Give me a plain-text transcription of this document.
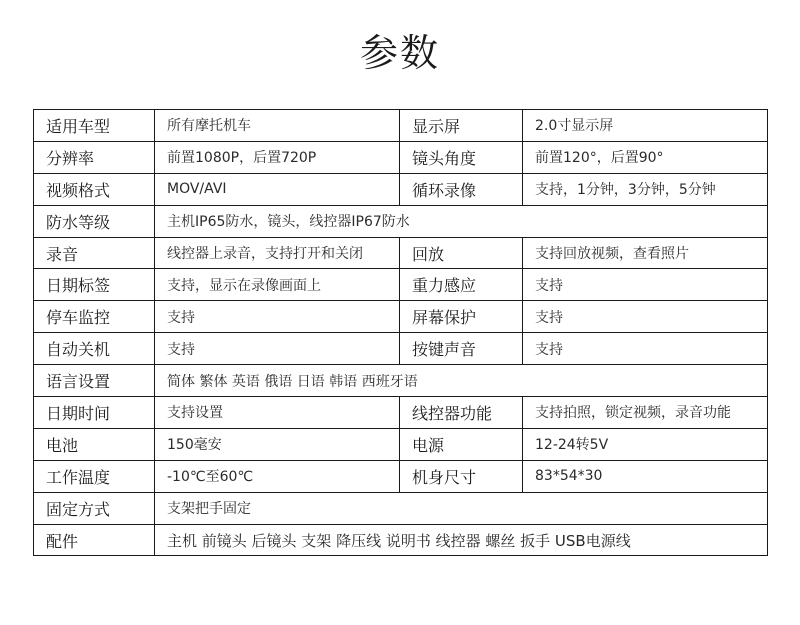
参数
适用车型	所有摩托机车	显示屏	2.0寸显示屏
分辨率	前置1080P，后置720P	镜头角度	前置120°，后置90°
视频格式	MOV/AVI	循环录像	支持，1分钟，3分钟，5分钟
防水等级	主机IP65防水，镜头，线控器IP67防水		
录音	线控器上录音，支持打开和关闭	回放	支持回放视频，查看照片
日期标签	支持，显示在录像画面上	重力感应	支持
停车监控	支持	屏幕保护	支持
自动关机	支持	按键声音	支持
语言设置	简体 繁体 英语 俄语 日语 韩语 西班牙语		
日期时间	支持设置	线控器功能	支持拍照，锁定视频，录音功能
电池	150毫安	电源	12-24转5V
工作温度	-10℃至60℃	机身尺寸	83*54*30
固定方式	支架把手固定		
配件	主机 前镜头 后镜头 支架 降压线 说明书 线控器 螺丝 扳手 USB电源线		
